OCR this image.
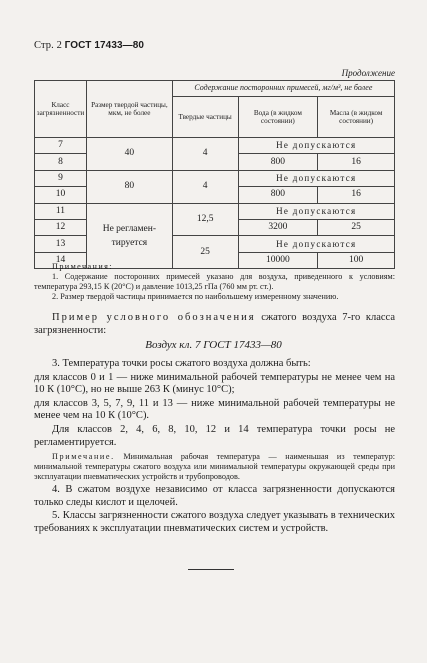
Стр. 2 ГОСТ 17433—80
Продолжение
Класс загрязненности	Размер твердой частицы, мкм, не более	Содержание посторонних примесей, мг/м³, не более		
		Твердые частицы	Вода (в жидком состоянии)	Масла (в жидком состоянии)
7	40	4	Не допускаются	
8			800	16
9	80	4	Не допускаются	
10			800	16
11	Не регламен-тируется	12,5	Не допускаются	
12			3200	25
13		25	Не допускаются	
14			10000	100
Примечания:

1. Содержание посторонних примесей указано для воздуха, приведенного к условиям: температура 293,15 К (20°С) и давление 1013,25 гПа (760 мм рт. ст.).

2. Размер твердой частицы принимается по наибольшему измеренному значению.

Пример условного обозначения сжатого воздуха 7-го класса загрязненности:

Воздух кл. 7 ГОСТ 17433—80

3. Температура точки росы сжатого воздуха должна быть:

для классов 0 и 1 — ниже минимальной рабочей температуры не менее чем на 10 К (10°С), но не выше 263 К (минус 10°С);

для классов 3, 5, 7, 9, 11 и 13 — ниже минимальной рабочей температуры не менее чем на 10 К (10°С).

Для классов 2, 4, 6, 8, 10, 12 и 14 температура точки росы не регламентируется.

Примечание. Минимальная рабочая температура — наименьшая из температур: минимальной температуры сжатого воздуха или минимальной температуры окружающей среды при эксплуатации пневматических устройств и трубопроводов.

4. В сжатом воздухе независимо от класса загрязненности допускаются только следы кислот и щелочей.

5. Классы загрязненности сжатого воздуха следует указывать в технических требованиях к эксплуатации пневматических систем и устройств.
